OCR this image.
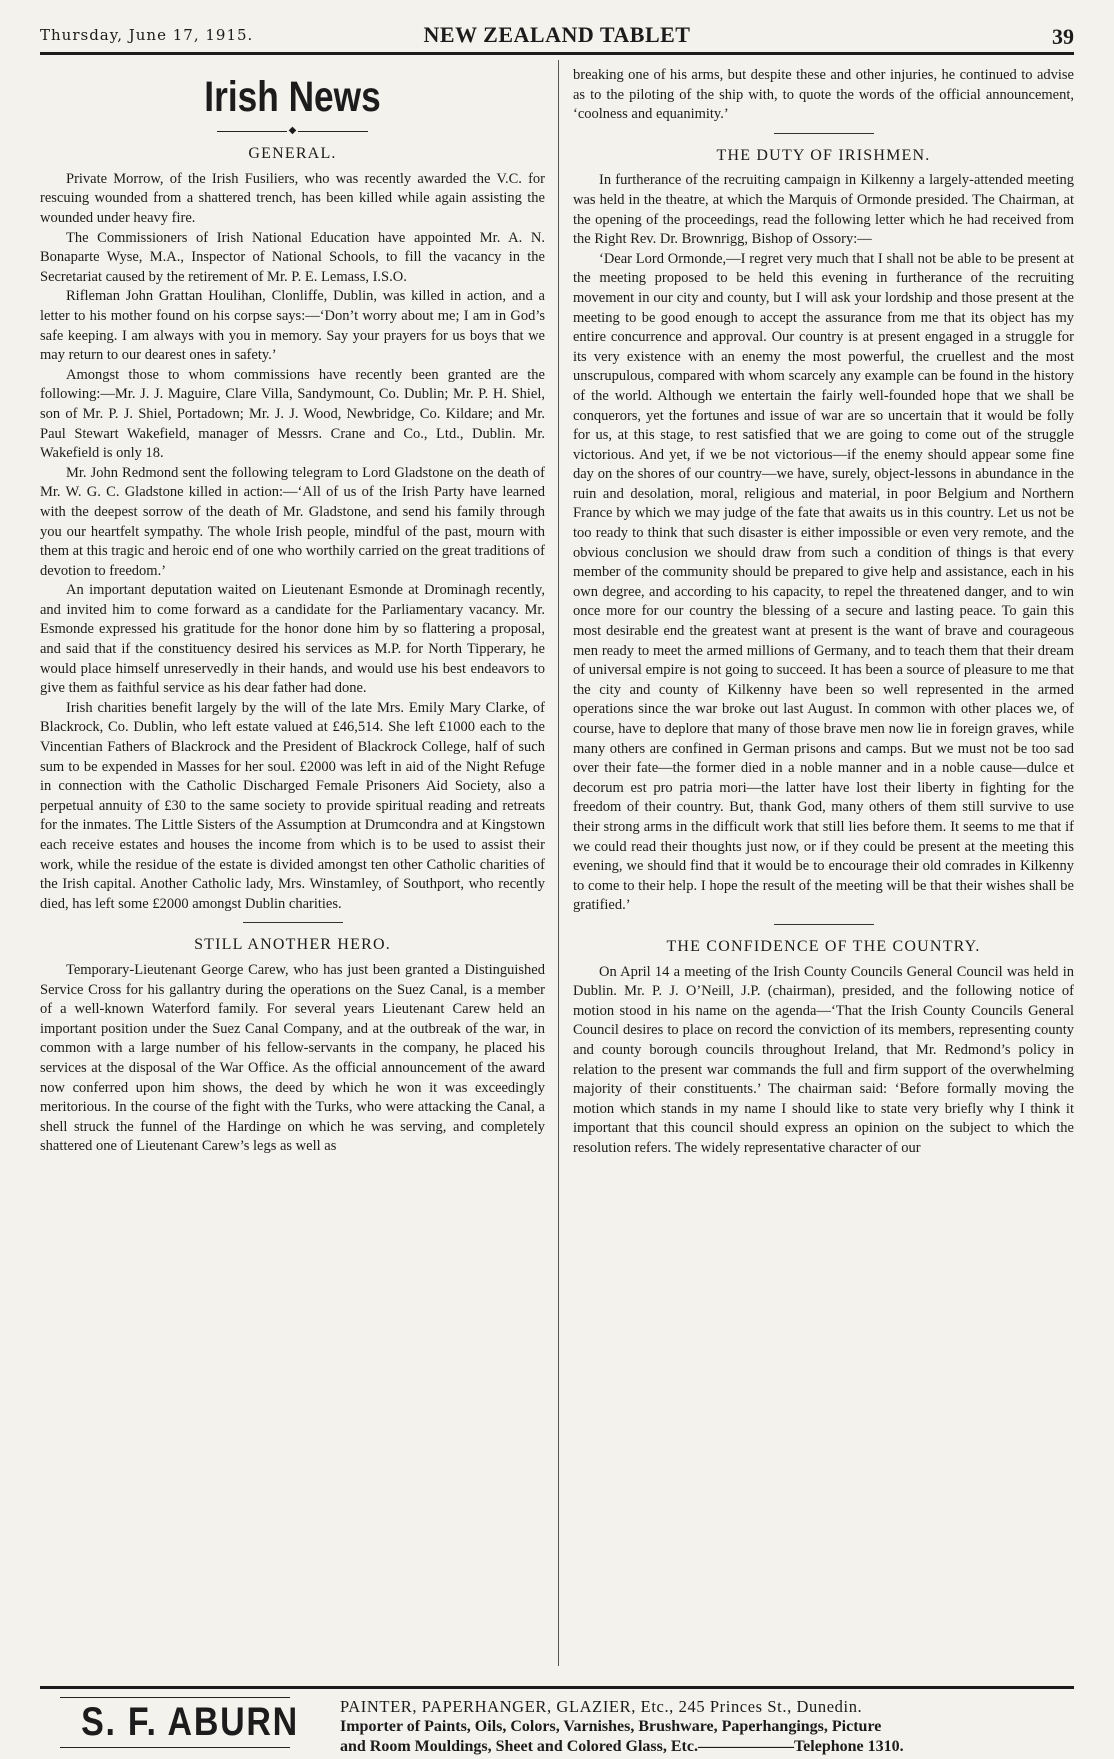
Thursday, June 17, 1915.	NEW ZEALAND TABLET	39
Irish News
◆
GENERAL.

Private Morrow, of the Irish Fusiliers, who was recently awarded the V.C. for rescuing wounded from a shattered trench, has been killed while again assisting the wounded under heavy fire.

The Commissioners of Irish National Education have appointed Mr. A. N. Bonaparte Wyse, M.A., Inspector of National Schools, to fill the vacancy in the Secretariat caused by the retirement of Mr. P. E. Lemass, I.S.O.

Rifleman John Grattan Houlihan, Clonliffe, Dublin, was killed in action, and a letter to his mother found on his corpse says:—‘Don’t worry about me; I am in God’s safe keeping. I am always with you in memory. Say your prayers for us boys that we may return to our dearest ones in safety.’

Amongst those to whom commissions have recently been granted are the following:—Mr. J. J. Maguire, Clare Villa, Sandymount, Co. Dublin; Mr. P. H. Shiel, son of Mr. P. J. Shiel, Portadown; Mr. J. J. Wood, Newbridge, Co. Kildare; and Mr. Paul Stewart Wakefield, manager of Messrs. Crane and Co., Ltd., Dublin. Mr. Wakefield is only 18.

Mr. John Redmond sent the following telegram to Lord Gladstone on the death of Mr. W. G. C. Gladstone killed in action:—‘All of us of the Irish Party have learned with the deepest sorrow of the death of Mr. Gladstone, and send his family through you our heartfelt sympathy. The whole Irish people, mindful of the past, mourn with them at this tragic and heroic end of one who worthily carried on the great traditions of devotion to freedom.’

An important deputation waited on Lieutenant Esmonde at Drominagh recently, and invited him to come forward as a candidate for the Parliamentary vacancy. Mr. Esmonde expressed his gratitude for the honor done him by so flattering a proposal, and said that if the constituency desired his services as M.P. for North Tipperary, he would place himself unreservedly in their hands, and would use his best endeavors to give them as faithful service as his dear father had done.

Irish charities benefit largely by the will of the late Mrs. Emily Mary Clarke, of Blackrock, Co. Dublin, who left estate valued at £46,514. She left £1000 each to the Vincentian Fathers of Blackrock and the President of Blackrock College, half of such sum to be expended in Masses for her soul. £2000 was left in aid of the Night Refuge in connection with the Catholic Discharged Female Prisoners Aid Society, also a perpetual annuity of £30 to the same society to provide spiritual reading and retreats for the inmates. The Little Sisters of the Assumption at Drumcondra and at Kingstown each receive estates and houses the income from which is to be used to assist their work, while the residue of the estate is divided amongst ten other Catholic charities of the Irish capital. Another Catholic lady, Mrs. Winstamley, of Southport, who recently died, has left some £2000 amongst Dublin charities.

STILL ANOTHER HERO.

Temporary-Lieutenant George Carew, who has just been granted a Distinguished Service Cross for his gallantry during the operations on the Suez Canal, is a member of a well-known Waterford family. For several years Lieutenant Carew held an important position under the Suez Canal Company, and at the outbreak of the war, in common with a large number of his fellow-servants in the company, he placed his services at the disposal of the War Office. As the official announcement of the award now conferred upon him shows, the deed by which he won it was exceedingly meritorious. In the course of the fight with the Turks, who were attacking the Canal, a shell struck the funnel of the Hardinge on which he was serving, and completely shattered one of Lieutenant Carew’s legs as well as

breaking one of his arms, but despite these and other injuries, he continued to advise as to the piloting of the ship with, to quote the words of the official announcement, ‘coolness and equanimity.’

THE DUTY OF IRISHMEN.

In furtherance of the recruiting campaign in Kilkenny a largely-attended meeting was held in the theatre, at which the Marquis of Ormonde presided. The Chairman, at the opening of the proceedings, read the following letter which he had received from the Right Rev. Dr. Brownrigg, Bishop of Ossory:—

‘Dear Lord Ormonde,—I regret very much that I shall not be able to be present at the meeting proposed to be held this evening in furtherance of the recruiting movement in our city and county, but I will ask your lordship and those present at the meeting to be good enough to accept the assurance from me that its object has my entire concurrence and approval. Our country is at present engaged in a struggle for its very existence with an enemy the most powerful, the cruellest and the most unscrupulous, compared with whom scarcely any example can be found in the history of the world. Although we entertain the fairly well-founded hope that we shall be conquerors, yet the fortunes and issue of war are so uncertain that it would be folly for us, at this stage, to rest satisfied that we are going to come out of the struggle victorious. And yet, if we be not victorious—if the enemy should appear some fine day on the shores of our country—we have, surely, object-lessons in abundance in the ruin and desolation, moral, religious and material, in poor Belgium and Northern France by which we may judge of the fate that awaits us in this country. Let us not be too ready to think that such disaster is either impossible or even very remote, and the obvious conclusion we should draw from such a condition of things is that every member of the community should be prepared to give help and assistance, each in his own degree, and according to his capacity, to repel the threatened danger, and to win once more for our country the blessing of a secure and lasting peace. To gain this most desirable end the greatest want at present is the want of brave and courageous men ready to meet the armed millions of Germany, and to teach them that their dream of universal empire is not going to succeed. It has been a source of pleasure to me that the city and county of Kilkenny have been so well represented in the armed operations since the war broke out last August. In common with other places we, of course, have to deplore that many of those brave men now lie in foreign graves, while many others are confined in German prisons and camps. But we must not be too sad over their fate—the former died in a noble manner and in a noble cause—dulce et decorum est pro patria mori—the latter have lost their liberty in fighting for the freedom of their country. But, thank God, many others of them still survive to use their strong arms in the difficult work that still lies before them. It seems to me that if we could read their thoughts just now, or if they could be present at the meeting this evening, we should find that it would be to encourage their old comrades in Kilkenny to come to their help. I hope the result of the meeting will be that their wishes shall be gratified.’

THE CONFIDENCE OF THE COUNTRY.

On April 14 a meeting of the Irish County Councils General Council was held in Dublin. Mr. P. J. O’Neill, J.P. (chairman), presided, and the following notice of motion stood in his name on the agenda—‘That the Irish County Councils General Council desires to place on record the conviction of its members, representing county and county borough councils throughout Ireland, that Mr. Redmond’s policy in relation to the present war commands the full and firm support of the overwhelming majority of their constituents.’ The chairman said: ‘Before formally moving the motion which stands in my name I should like to state very briefly why I think it important that this council should express an opinion on the subject to which the resolution refers. The widely representative character of our

S. F. ABURN PAINTER, PAPERHANGER, GLAZIER, Etc., 245 Princes St., Dunedin.
Importer of Paints, Oils, Colors, Varnishes, Brushware, Paperhangings, Picture
and Room Mouldings, Sheet and Colored Glass, Etc.——————Telephone 1310.
